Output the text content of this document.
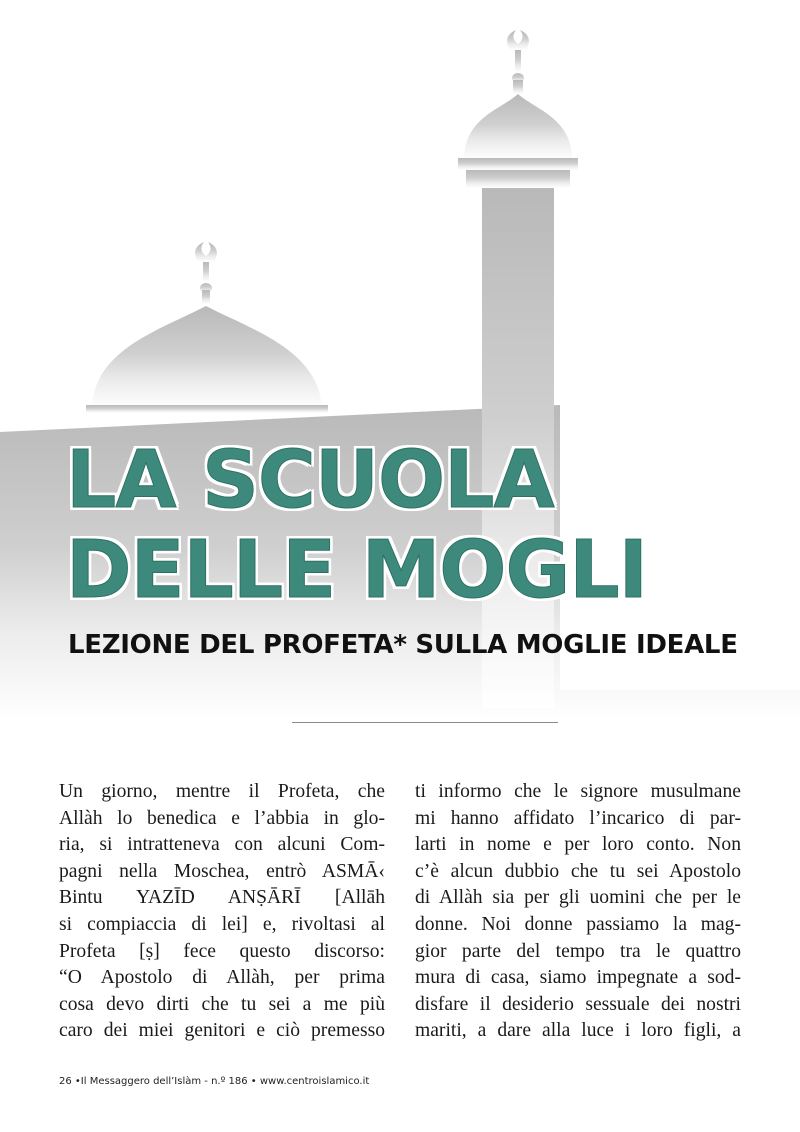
LA SCUOLA
DELLE MOGLI
LEZIONE DEL PROFETA* SULLA MOGLIE IDEALE
Un giorno, mentre il Profeta, che
Allàh lo benedica e l’abbia in glo-
ria, si intratteneva con alcuni Com-
pagni nella Moschea, entrò ASMĀ‹
Bintu YAZĪD ANṢĀRĪ [Allāh
si compiaccia di lei] e, rivoltasi al
Profeta [ṣ] fece questo discorso:
“O Apostolo di Allàh, per prima
cosa devo dirti che tu sei a me più
caro dei miei genitori e ciò premesso
ti informo che le signore musulmane
mi hanno affidato l’incarico di par-
larti in nome e per loro conto. Non
c’è alcun dubbio che tu sei Apostolo
di Allàh sia per gli uomini che per le
donne. Noi donne passiamo la mag-
gior parte del tempo tra le quattro
mura di casa, siamo impegnate a sod-
disfare il desiderio sessuale dei nostri
mariti, a dare alla luce i loro figli, a
26 •Il Messaggero dell’Islàm - n.º 186 • www.centroislamico.it
